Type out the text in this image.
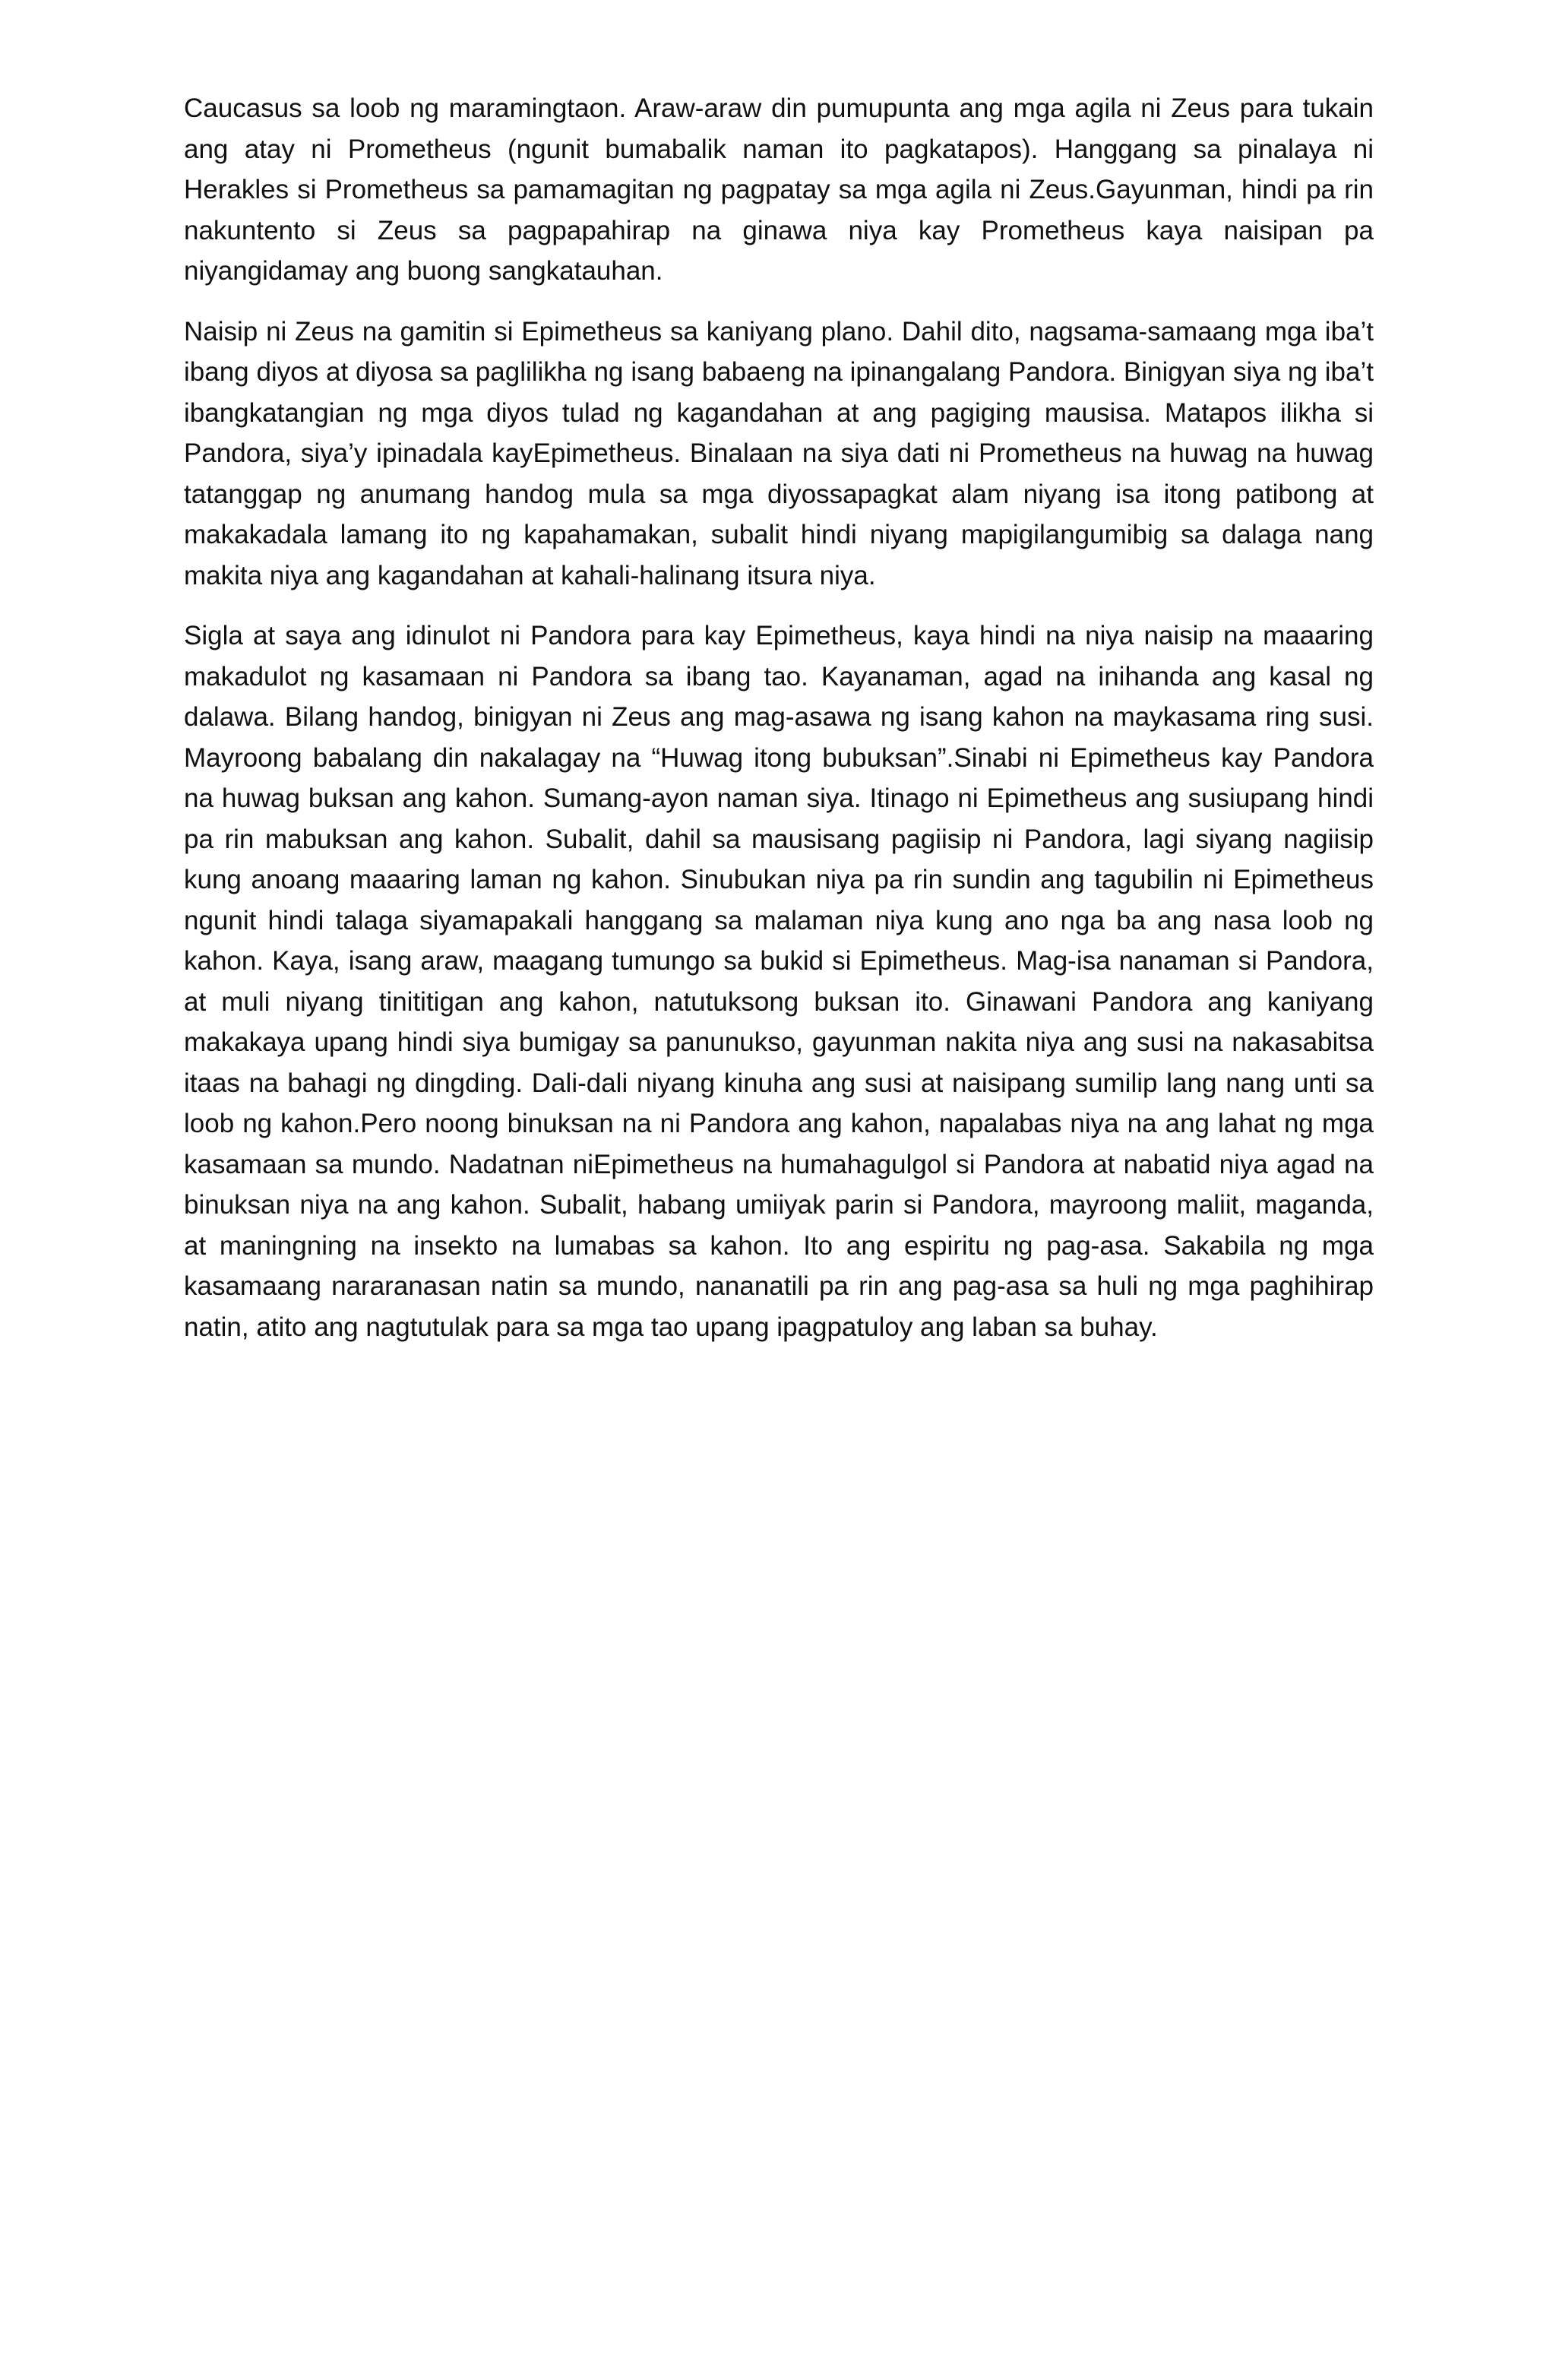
Caucasus sa loob ng maramingtaon. Araw-araw din pumupunta ang mga agila ni Zeus para tukain ang atay ni Prometheus (ngunit bumabalik naman ito pagkatapos). Hanggang sa pinalaya ni Herakles si Prometheus sa pamamagitan ng pagpatay sa mga agila ni Zeus.Gayunman, hindi pa rin nakuntento si Zeus sa pagpapahirap na ginawa niya kay Prometheus kaya naisipan pa niyangidamay ang buong sangkatauhan.

Naisip ni Zeus na gamitin si Epimetheus sa kaniyang plano. Dahil dito, nagsama-samaang mga iba’t ibang diyos at diyosa sa paglilikha ng isang babaeng na ipinangalang Pandora. Binigyan siya ng iba’t ibangkatangian ng mga diyos tulad ng kagandahan at ang pagiging mausisa. Matapos ilikha si Pandora, siya’y ipinadala kayEpimetheus. Binalaan na siya dati ni Prometheus na huwag na huwag tatanggap ng anumang handog mula sa mga diyossapagkat alam niyang isa itong patibong at makakadala lamang ito ng kapahamakan, subalit hindi niyang mapigilangumibig sa dalaga nang makita niya ang kagandahan at kahali-halinang itsura niya.

Sigla at saya ang idinulot ni Pandora para kay Epimetheus, kaya hindi na niya naisip na maaaring makadulot ng kasamaan ni Pandora sa ibang tao. Kayanaman, agad na inihanda ang kasal ng dalawa. Bilang handog, binigyan ni Zeus ang mag-asawa ng isang kahon na maykasama ring susi. Mayroong babalang din nakalagay na “Huwag itong bubuksan”.Sinabi ni Epimetheus kay Pandora na huwag buksan ang kahon. Sumang-ayon naman siya. Itinago ni Epimetheus ang susiupang hindi pa rin mabuksan ang kahon. Subalit, dahil sa mausisang pagiisip ni Pandora, lagi siyang nagiisip kung anoang maaaring laman ng kahon. Sinubukan niya pa rin sundin ang tagubilin ni Epimetheus ngunit hindi talaga siyamapakali hanggang sa malaman niya kung ano nga ba ang nasa loob ng kahon. Kaya, isang araw, maagang tumungo sa bukid si Epimetheus. Mag-isa nanaman si Pandora, at muli niyang tinititigan ang kahon, natutuksong buksan ito. Ginawani Pandora ang kaniyang makakaya upang hindi siya bumigay sa panunukso, gayunman nakita niya ang susi na nakasabitsa itaas na bahagi ng dingding. Dali-dali niyang kinuha ang susi at naisipang sumilip lang nang unti sa loob ng kahon.Pero noong binuksan na ni Pandora ang kahon, napalabas niya na ang lahat ng mga kasamaan sa mundo. Nadatnan niEpimetheus na humahagulgol si Pandora at nabatid niya agad na binuksan niya na ang kahon. Subalit, habang umiiyak parin si Pandora, mayroong maliit, maganda, at maningning na insekto na lumabas sa kahon. Ito ang espiritu ng pag-asa. Sakabila ng mga kasamaang nararanasan natin sa mundo, nananatili pa rin ang pag-asa sa huli ng mga paghihirap natin, atito ang nagtutulak para sa mga tao upang ipagpatuloy ang laban sa buhay.
